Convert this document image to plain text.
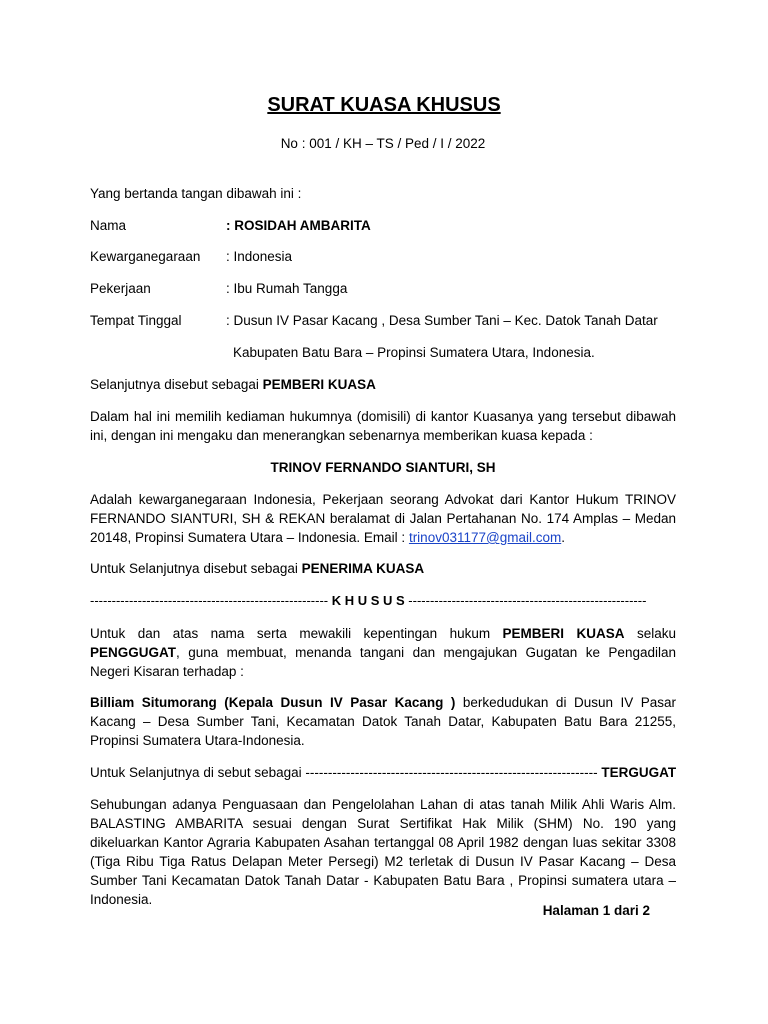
SURAT KUASA KHUSUS
No : 001 / KH – TS / Ped / I / 2022
Yang bertanda tangan dibawah ini :
Nama	: ROSIDAH AMBARITA
Kewarganegaraan : Indonesia
Pekerjaan	: Ibu Rumah Tangga
Tempat Tinggal	: Dusun IV Pasar Kacang , Desa Sumber Tani – Kec. Datok Tanah Datar
Kabupaten Batu Bara – Propinsi Sumatera Utara, Indonesia.
Selanjutnya disebut sebagai PEMBERI KUASA
Dalam hal ini memilih kediaman hukumnya (domisili) di kantor Kuasanya yang tersebut dibawah ini, dengan ini mengaku dan menerangkan sebenarnya memberikan kuasa kepada :
TRINOV FERNANDO SIANTURI, SH
Adalah kewarganegaraan Indonesia, Pekerjaan seorang Advokat dari Kantor Hukum TRINOV FERNANDO SIANTURI, SH & REKAN beralamat di Jalan Pertahanan No. 174 Amplas – Medan 20148, Propinsi Sumatera Utara – Indonesia. Email : trinov031177@gmail.com.
Untuk Selanjutnya disebut sebagai PENERIMA KUASA
------------------------------------------------------- K H U S U S -------------------------------------------------------
Untuk dan atas nama serta mewakili kepentingan hukum PEMBERI KUASA selaku PENGGUGAT, guna membuat, menanda tangani dan mengajukan Gugatan ke Pengadilan Negeri Kisaran terhadap :
Billiam Situmorang (Kepala Dusun IV Pasar Kacang ) berkedudukan di Dusun IV Pasar Kacang – Desa Sumber Tani, Kecamatan Datok Tanah Datar, Kabupaten Batu Bara 21255, Propinsi Sumatera Utara-Indonesia.
Untuk Selanjutnya di sebut sebagai ----------------------------------------------------------------- TERGUGAT
Sehubungan adanya Penguasaan dan Pengelolahan Lahan di atas tanah Milik Ahli Waris Alm. BALASTING AMBARITA sesuai dengan Surat Sertifikat Hak Milik (SHM) No. 190 yang dikeluarkan Kantor Agraria Kabupaten Asahan tertanggal 08 April 1982 dengan luas sekitar 3308 (Tiga Ribu Tiga Ratus Delapan Meter Persegi) M2 terletak di Dusun IV Pasar Kacang – Desa Sumber Tani Kecamatan Datok Tanah Datar - Kabupaten Batu Bara , Propinsi sumatera utara – Indonesia.
Halaman 1 dari 2
